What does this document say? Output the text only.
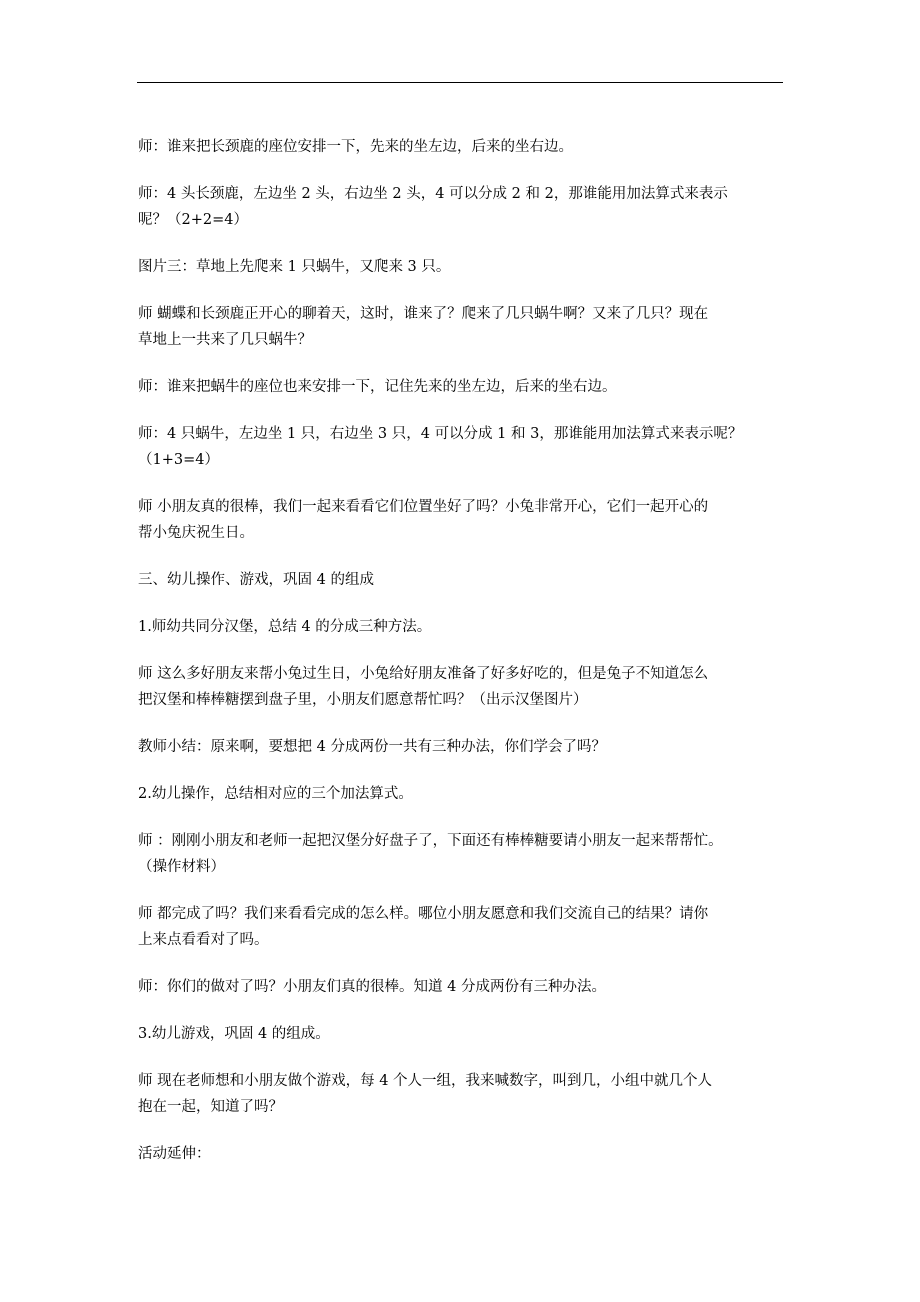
师：谁来把长颈鹿的座位安排一下，先来的坐左边，后来的坐右边。

师：4 头长颈鹿，左边坐 2 头，右边坐 2 头，4 可以分成 2 和 2，那谁能用加法算式来表示
呢？（2+2=4）

图片三：草地上先爬来 1 只蜗牛，又爬来 3 只。

师 蝴蝶和长颈鹿正开心的聊着天，这时，谁来了？爬来了几只蜗牛啊？又来了几只？现在
草地上一共来了几只蜗牛？

师：谁来把蜗牛的座位也来安排一下，记住先来的坐左边，后来的坐右边。

师：4 只蜗牛，左边坐 1 只，右边坐 3 只，4 可以分成 1 和 3，那谁能用加法算式来表示呢？
（1+3=4）

师 小朋友真的很棒，我们一起来看看它们位置坐好了吗？小兔非常开心，它们一起开心的
帮小兔庆祝生日。

三、幼儿操作、游戏，巩固 4 的组成

1.师幼共同分汉堡，总结 4 的分成三种方法。

师 这么多好朋友来帮小兔过生日，小兔给好朋友准备了好多好吃的，但是兔子不知道怎么
把汉堡和棒棒糖摆到盘子里，小朋友们愿意帮忙吗？（出示汉堡图片）

教师小结：原来啊，要想把 4 分成两份一共有三种办法，你们学会了吗？

2.幼儿操作，总结相对应的三个加法算式。

师 ：刚刚小朋友和老师一起把汉堡分好盘子了，下面还有棒棒糖要请小朋友一起来帮帮忙。
（操作材料）

师 都完成了吗？我们来看看完成的怎么样。哪位小朋友愿意和我们交流自己的结果？请你
上来点看看对了吗。

师：你们的做对了吗？小朋友们真的很棒。知道 4 分成两份有三种办法。

3.幼儿游戏，巩固 4 的组成。

师 现在老师想和小朋友做个游戏，每 4 个人一组，我来喊数字，叫到几，小组中就几个人
抱在一起，知道了吗？

活动延伸：
